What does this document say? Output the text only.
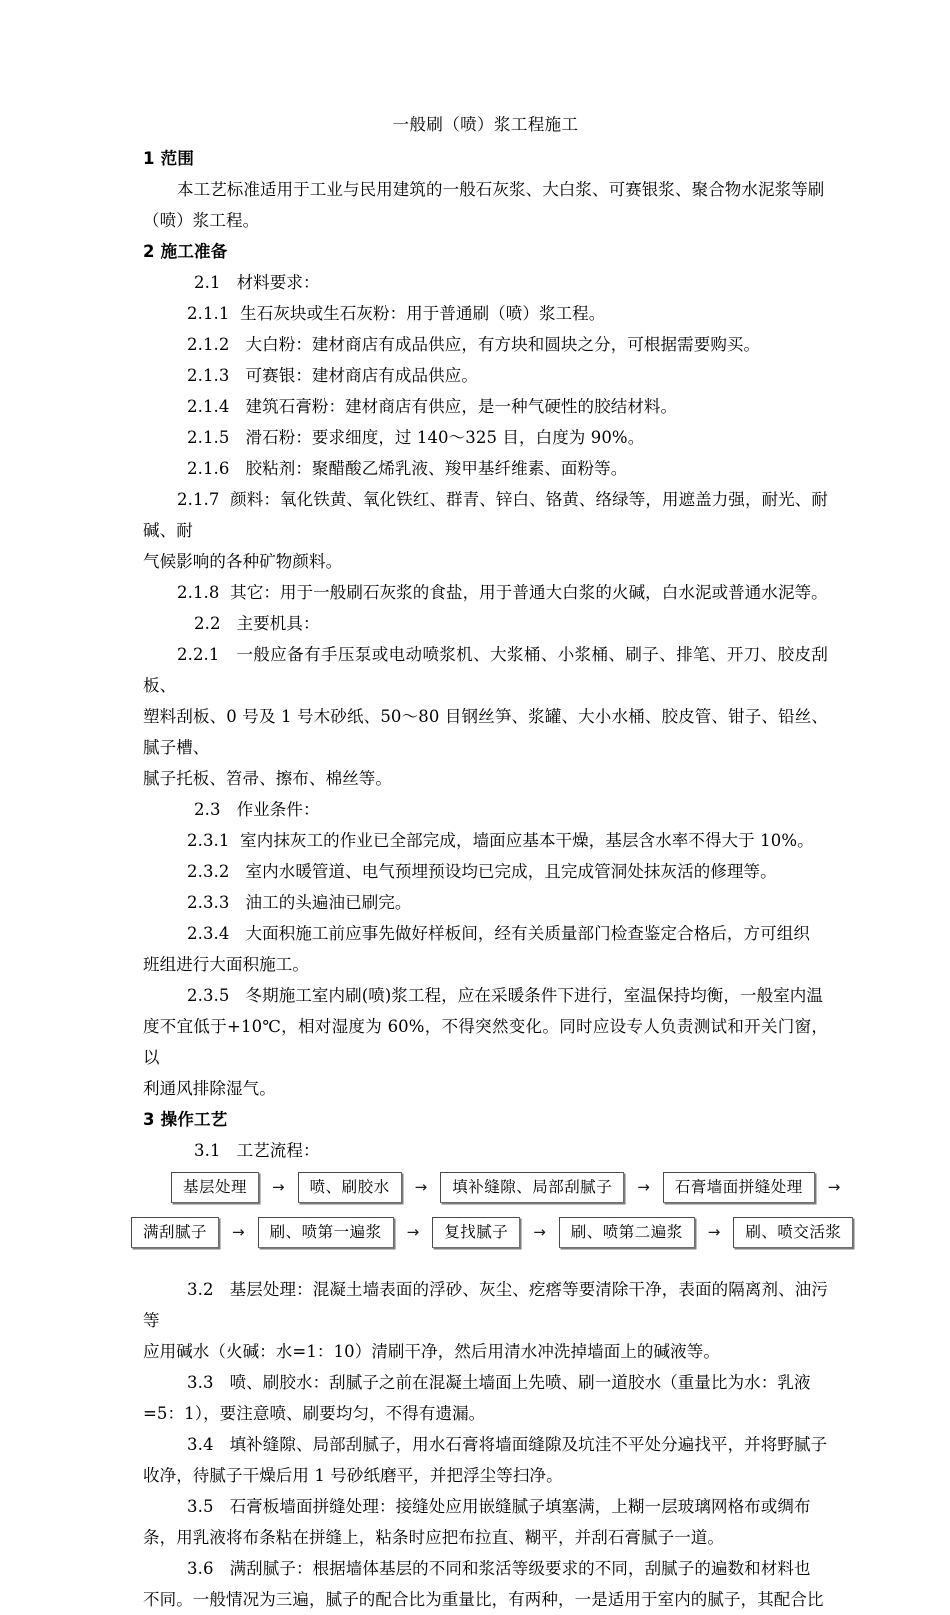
一般刷（喷）浆工程施工

1 范围

本工艺标准适用于工业与民用建筑的一般石灰浆、大白浆、可赛银浆、聚合物水泥浆等刷

（喷）浆工程。

2 施工准备

2.1   材料要求：

2.1.1  生石灰块或生石灰粉：用于普通刷（喷）浆工程。

2.1.2   大白粉：建材商店有成品供应，有方块和圆块之分，可根据需要购买。

2.1.3   可赛银：建材商店有成品供应。

2.1.4   建筑石膏粉：建材商店有供应，是一种气硬性的胶结材料。

2.1.5   滑石粉：要求细度，过 140～325 目，白度为 90%。

2.1.6   胶粘剂：聚醋酸乙烯乳液、羧甲基纤维素、面粉等。

2.1.7  颜料：氧化铁黄、氧化铁红、群青、锌白、铬黄、络绿等，用遮盖力强，耐光、耐碱、耐

气候影响的各种矿物颜料。

2.1.8  其它：用于一般刷石灰浆的食盐，用于普通大白浆的火碱，白水泥或普通水泥等。

2.2   主要机具：

2.2.1   一般应备有手压泵或电动喷浆机、大浆桶、小浆桶、刷子、排笔、开刀、胶皮刮板、

塑料刮板、0 号及 1 号木砂纸、50～80 目钢丝笋、浆罐、大小水桶、胶皮管、钳子、铅丝、腻子槽、

腻子托板、笤帚、擦布、棉丝等。

2.3   作业条件：

2.3.1  室内抹灰工的作业已全部完成，墙面应基本干燥，基层含水率不得大于 10%。

2.3.2   室内水暖管道、电气预埋预设均已完成，且完成管洞处抹灰活的修理等。

2.3.3   油工的头遍油已刷完。

2.3.4   大面积施工前应事先做好样板间，经有关质量部门检查鉴定合格后，方可组织

班组进行大面积施工。

2.3.5   冬期施工室内刷(喷)浆工程，应在采暖条件下进行，室温保持均衡，一般室内温

度不宜低于+10℃，相对湿度为 60%，不得突然变化。同时应设专人负责测试和开关门窗，以

利通风排除湿气。

3 操作工艺

3.1   工艺流程：

基层处理	→	喷、刷胶水	→	填补缝隙、局部刮腻子	→	石膏墙面拼缝处理	→
满刮腻子	→	刷、喷第一遍浆	→	复找腻子	→	刷、喷第二遍浆	→	刷、喷交活浆

3.2   基层处理：混凝土墙表面的浮砂、灰尘、疙瘩等要清除干净，表面的隔离剂、油污等

应用碱水（火碱：水=1：10）清刷干净，然后用清水冲洗掉墙面上的碱液等。

3.3   喷、刷胶水：刮腻子之前在混凝土墙面上先喷、刷一道胶水（重量比为水：乳液

=5：1），要注意喷、刷要均匀，不得有遗漏。

3.4   填补缝隙、局部刮腻子，用水石膏将墙面缝隙及坑洼不平处分遍找平，并将野腻子

收净，待腻子干燥后用 1 号砂纸磨平，并把浮尘等扫净。

3.5   石膏板墙面拼缝处理：接缝处应用嵌缝腻子填塞满，上糊一层玻璃网格布或绸布

条，用乳液将布条粘在拼缝上，粘条时应把布拉直、糊平，并刮石膏腻子一道。

3.6   满刮腻子：根据墙体基层的不同和浆活等级要求的不同，刮腻子的遍数和材料也

不同。一般情况为三遍，腻子的配合比为重量比，有两种，一是适用于室内的腻子，其配合比
